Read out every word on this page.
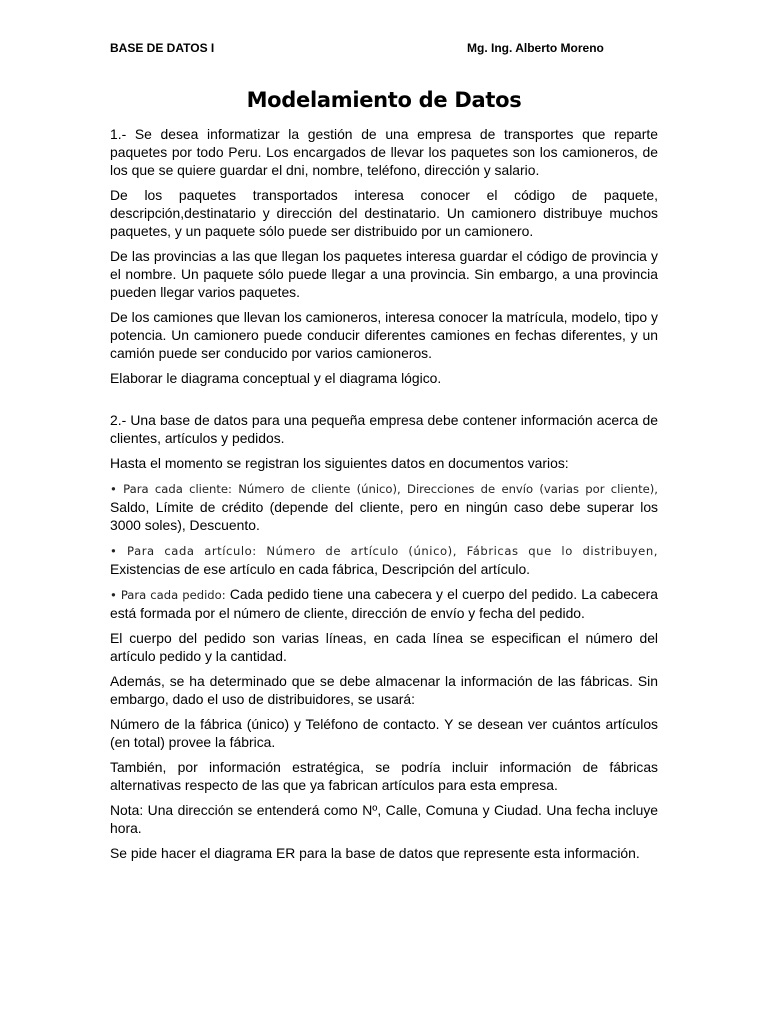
BASE DE DATOS I	Mg. Ing. Alberto Moreno
Modelamiento de Datos

1.- Se desea informatizar la gestión de una empresa de transportes que reparte paquetes por todo Peru. Los encargados de llevar los paquetes son los camioneros, de los que se quiere guardar el dni, nombre, teléfono, dirección y salario.

De los paquetes transportados interesa conocer el código de paquete, descripción,destinatario y dirección del destinatario. Un camionero distribuye muchos paquetes, y un paquete sólo puede ser distribuido por un camionero.

De las provincias a las que llegan los paquetes interesa guardar el código de provincia y el nombre. Un paquete sólo puede llegar a una provincia. Sin embargo, a una provincia pueden llegar varios paquetes.

De los camiones que llevan los camioneros, interesa conocer la matrícula, modelo, tipo y potencia. Un camionero puede conducir diferentes camiones en fechas diferentes, y un camión puede ser conducido por varios camioneros.

Elaborar le diagrama conceptual y el diagrama lógico.

2.- Una base de datos para una pequeña empresa debe contener información acerca de clientes, artículos y pedidos.

Hasta el momento se registran los siguientes datos en documentos varios:

• Para cada cliente: Número de cliente (único), Direcciones de envío (varias por cliente), Saldo, Límite de crédito (depende del cliente, pero en ningún caso debe superar los 3000 soles), Descuento.

• Para cada artículo: Número de artículo (único), Fábricas que lo distribuyen, Existencias de ese artículo en cada fábrica, Descripción del artículo.

• Para cada pedido: Cada pedido tiene una cabecera y el cuerpo del pedido. La cabecera está formada por el número de cliente, dirección de envío y fecha del pedido.

El cuerpo del pedido son varias líneas, en cada línea se especifican el número del artículo pedido y la cantidad.

Además, se ha determinado que se debe almacenar la información de las fábricas. Sin embargo, dado el uso de distribuidores, se usará:

Número de la fábrica (único) y Teléfono de contacto. Y se desean ver cuántos artículos (en total) provee la fábrica.

También, por información estratégica, se podría incluir información de fábricas alternativas respecto de las que ya fabrican artículos para esta empresa.

Nota: Una dirección se entenderá como Nº, Calle, Comuna y Ciudad. Una fecha incluye hora.

Se pide hacer el diagrama ER para la base de datos que represente esta información.
